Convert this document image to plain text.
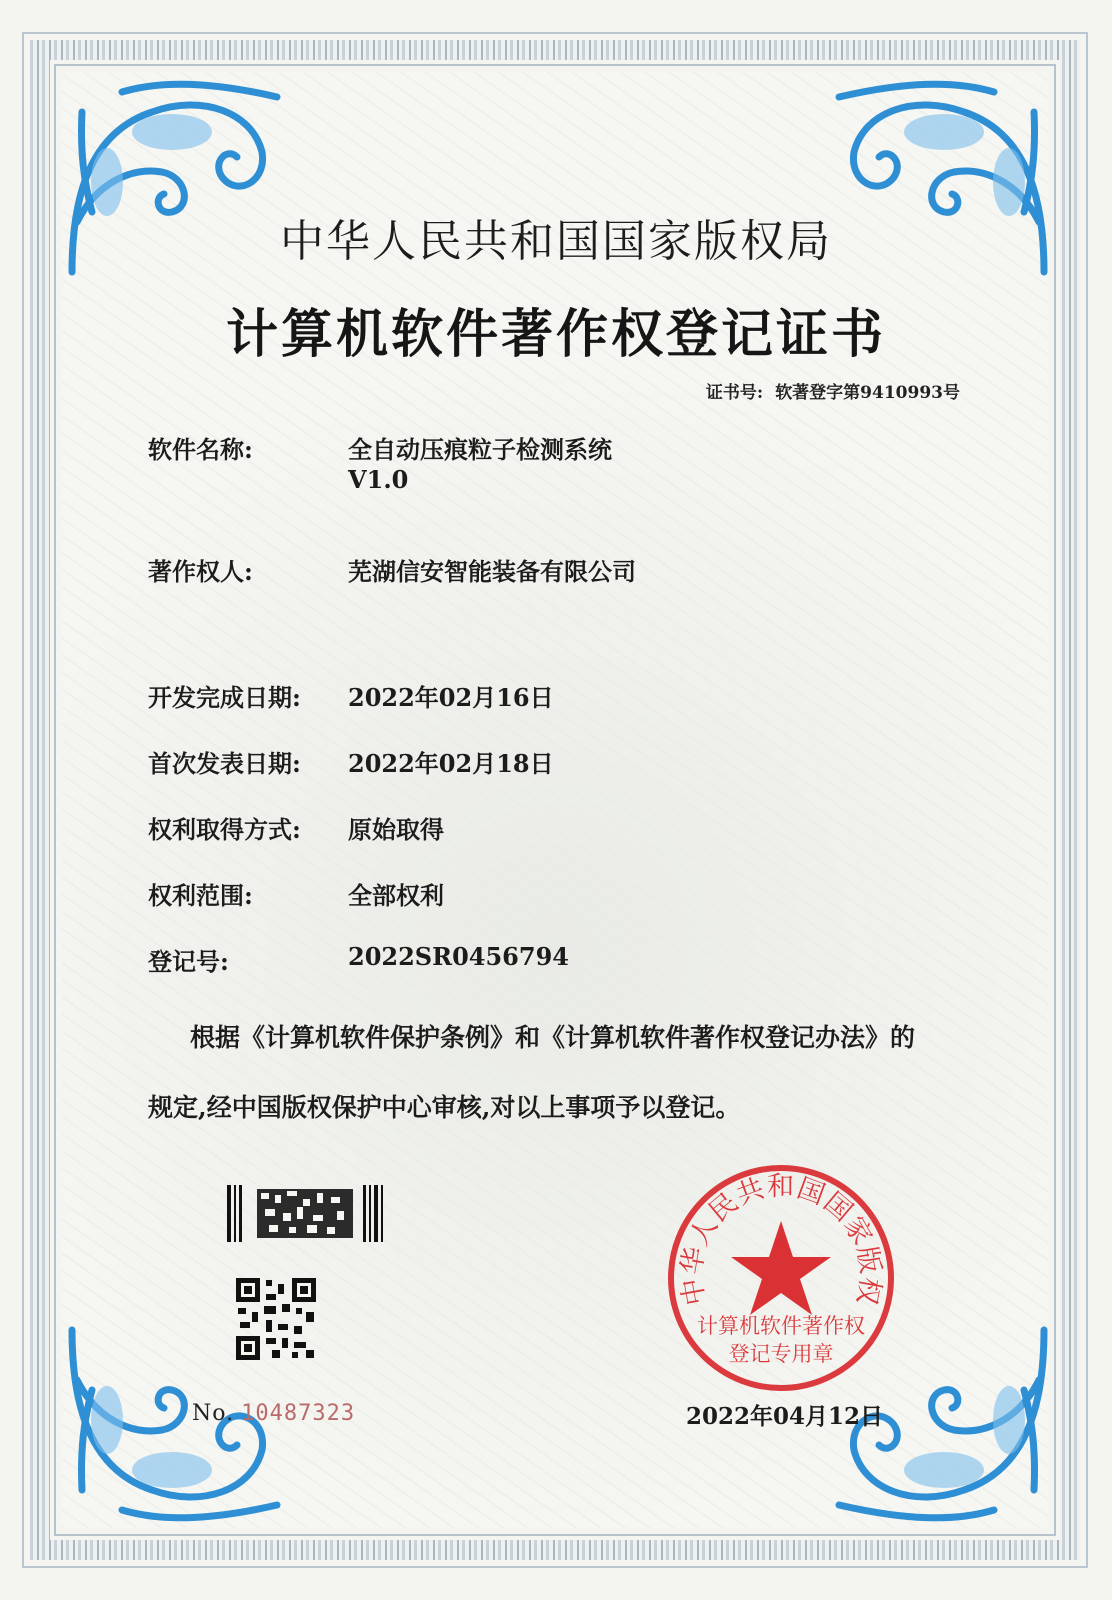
中华人民共和国国家版权局
计算机软件著作权登记证书
证书号: 软著登字第9410993号
软件名称:	全自动压痕粒子检测系统
V1.0
著作权人:	芜湖信安智能装备有限公司
开发完成日期: 2022年02月16日
首次发表日期: 2022年02月18日
权利取得方式: 原始取得
权利范围:	全部权利
登记号:	2022SR0456794
根据《计算机软件保护条例》和《计算机软件著作权登记办法》的
规定,经中国版权保护中心审核,对以上事项予以登记。
No. 10487323
中华人民共和国国家版权
计算机软件著作权
登记专用章
2022年04月12日
